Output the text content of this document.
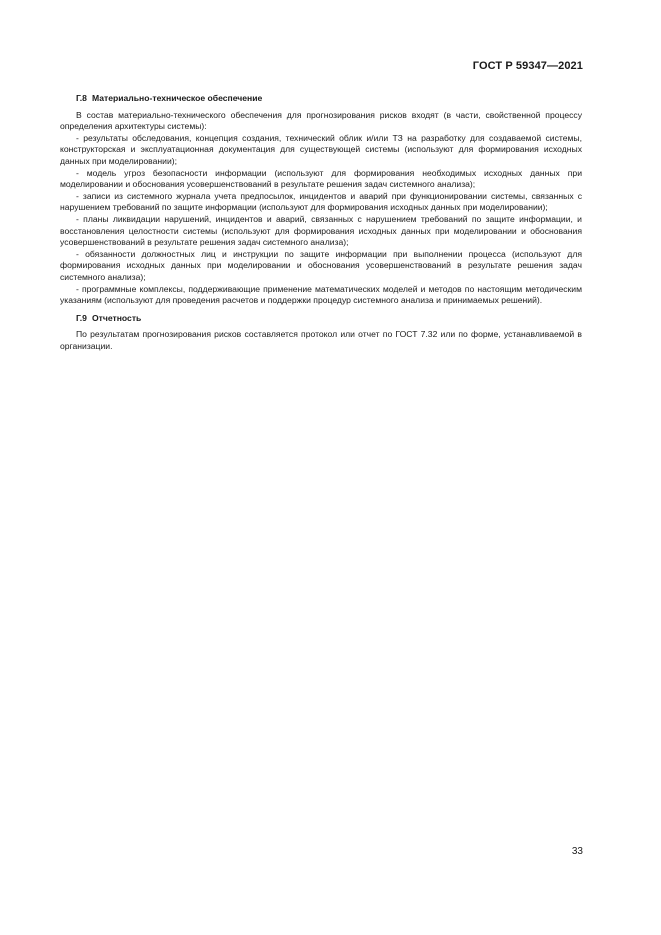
ГОСТ Р 59347—2021
Г.8 Материально-техническое обеспечение

В состав материально-технического обеспечения для прогнозирования рисков входят (в части, свойственной процессу определения архитектуры системы):

- результаты обследования, концепция создания, технический облик и/или ТЗ на разработку для создаваемой системы, конструкторская и эксплуатационная документация для существующей системы (используют для формирования исходных данных при моделировании);

- модель угроз безопасности информации (используют для формирования необходимых исходных данных при моделировании и обоснования усовершенствований в результате решения задач системного анализа);

- записи из системного журнала учета предпосылок, инцидентов и аварий при функционировании системы, связанных с нарушением требований по защите информации (используют для формирования исходных данных при моделировании);

- планы ликвидации нарушений, инцидентов и аварий, связанных с нарушением требований по защите информации, и восстановления целостности системы (используют для формирования исходных данных при моделировании и обоснования усовершенствований в результате решения задач системного анализа);

- обязанности должностных лиц и инструкции по защите информации при выполнении процесса (используют для формирования исходных данных при моделировании и обоснования усовершенствований в результате решения задач системного анализа);

- программные комплексы, поддерживающие применение математических моделей и методов по настоящим методическим указаниям (используют для проведения расчетов и поддержки процедур системного анализа и принимаемых решений).

Г.9 Отчетность

По результатам прогнозирования рисков составляется протокол или отчет по ГОСТ 7.32 или по форме, устанавливаемой в организации.

33
